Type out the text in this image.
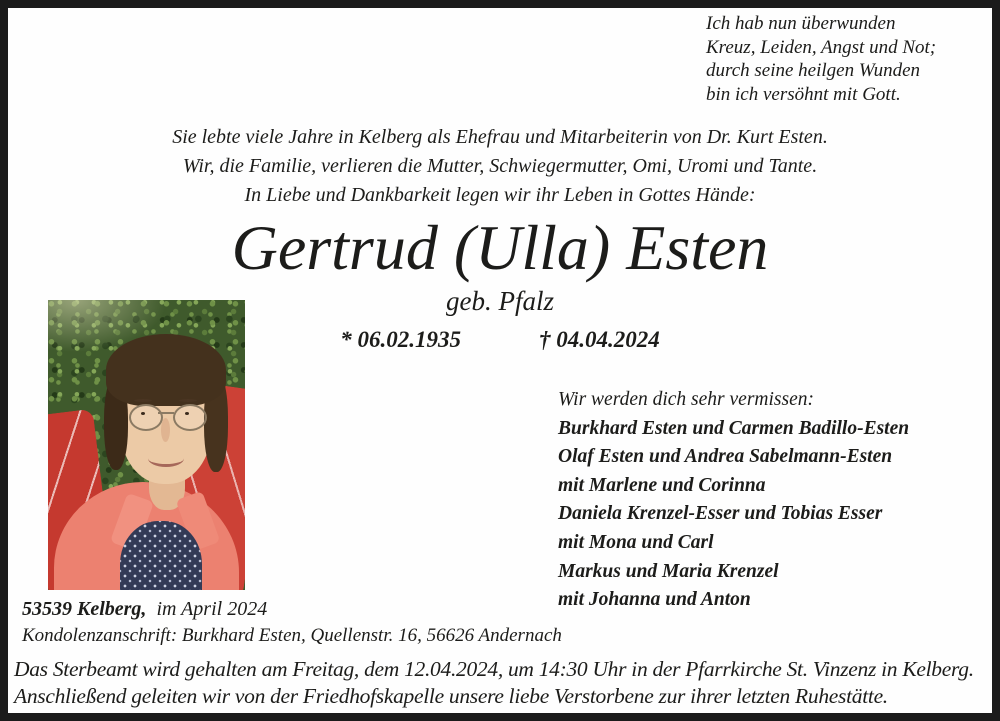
Ich hab nun überwunden
Kreuz, Leiden, Angst und Not;
durch seine heilgen Wunden
bin ich versöhnt mit Gott.
Sie lebte viele Jahre in Kelberg als Ehefrau und Mitarbeiterin von Dr. Kurt Esten.
Wir, die Familie, verlieren die Mutter, Schwiegermutter, Omi, Uromi und Tante.
In Liebe und Dankbarkeit legen wir ihr Leben in Gottes Hände:
Gertrud (Ulla) Esten
geb. Pfalz
* 06.02.1935	† 04.04.2024
Wir werden dich sehr vermissen:
Burkhard Esten und Carmen Badillo-Esten
Olaf Esten und Andrea Sabelmann-Esten
mit Marlene und Corinna
Daniela Krenzel-Esser und Tobias Esser
mit Mona und Carl
Markus und Maria Krenzel
mit Johanna und Anton
53539 Kelberg, im April 2024
Kondolenzanschrift: Burkhard Esten, Quellenstr. 16, 56626 Andernach
Das Sterbeamt wird gehalten am Freitag, dem 12.04.2024, um 14:30 Uhr in der Pfarrkirche St. Vinzenz in Kelberg.
Anschließend geleiten wir von der Friedhofskapelle unsere liebe Verstorbene zur ihrer letzten Ruhestätte.
